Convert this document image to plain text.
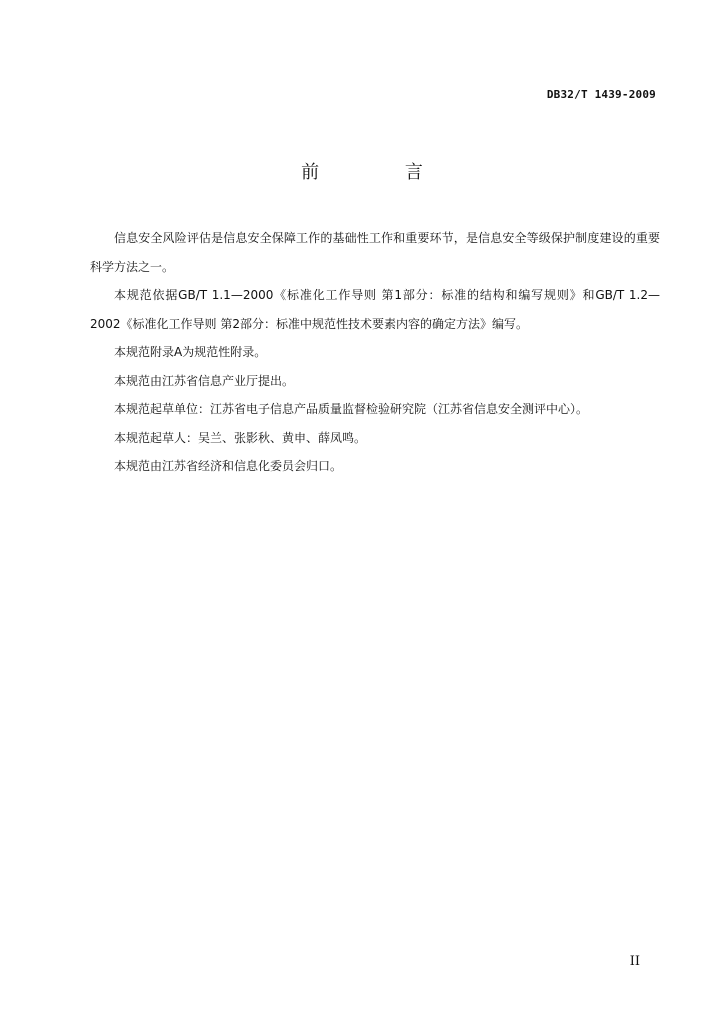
DB32/T 1439-2009
前 言

信息安全风险评估是信息安全保障工作的基础性工作和重要环节，是信息安全等级保护制度建设的重要科学方法之一。

本规范依据GB/T 1.1—2000《标准化工作导则 第1部分：标准的结构和编写规则》和GB/T 1.2—2002《标准化工作导则 第2部分：标准中规范性技术要素内容的确定方法》编写。

本规范附录A为规范性附录。

本规范由江苏省信息产业厅提出。

本规范起草单位：江苏省电子信息产品质量监督检验研究院（江苏省信息安全测评中心）。

本规范起草人：吴兰、张影秋、黄申、薛凤鸣。

本规范由江苏省经济和信息化委员会归口。

II
